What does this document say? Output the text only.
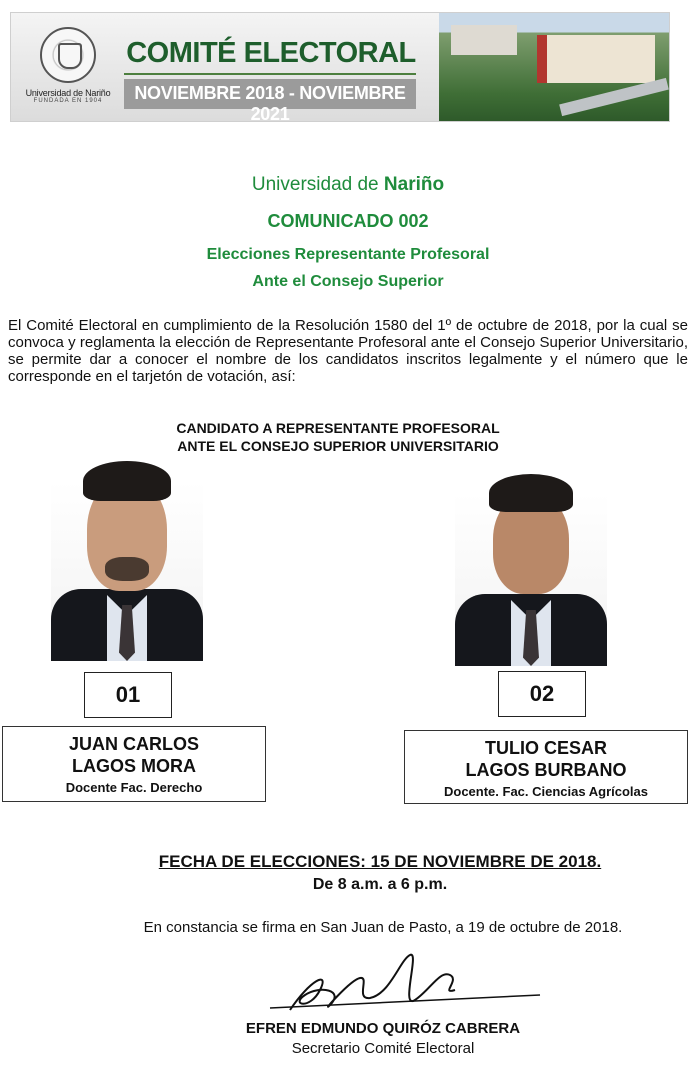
Universidad de Nariño
FUNDADA EN 1904
COMITÉ ELECTORAL
NOVIEMBRE 2018 - NOVIEMBRE 2021
Universidad de Nariño
COMUNICADO 002
Elecciones Representante Profesoral
Ante el Consejo Superior
El Comité Electoral en cumplimiento de la Resolución 1580 del 1º de octubre de 2018, por la cual se convoca y reglamenta la elección de Representante Profesoral ante el Consejo Superior Universitario, se permite dar a conocer el nombre de los candidatos inscritos legalmente y el número que le corresponde en el tarjetón de votación, así:
CANDIDATO A REPRESENTANTE PROFESORAL
ANTE EL CONSEJO SUPERIOR UNIVERSITARIO
01	02
JUAN CARLOS
LAGOS MORA
Docente Fac. Derecho
TULIO CESAR
LAGOS BURBANO
Docente. Fac. Ciencias Agrícolas
FECHA DE ELECCIONES: 15 DE NOVIEMBRE DE 2018.
De 8 a.m. a 6 p.m.
En constancia se firma en San Juan de Pasto, a 19 de octubre de 2018.
EFREN EDMUNDO QUIRÓZ CABRERA
Secretario Comité Electoral
